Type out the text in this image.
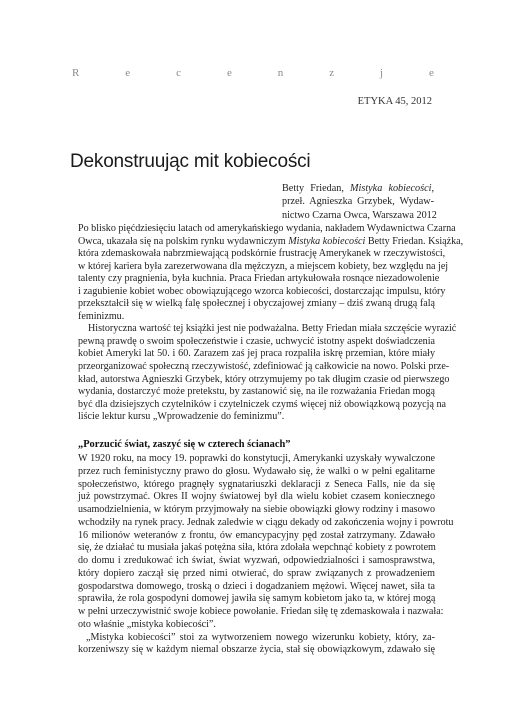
R	e	c	e	n	z	j	e
ETYKA 45, 2012
Dekonstruując mit kobiecości
Betty Friedan, Mistyka kobiecości,
przeł. Agnieszka Grzybek, Wydaw-
nictwo Czarna Owca, Warszawa 2012
Po blisko pięćdziesięciu latach od amerykańskiego wydania, nakładem Wydawnictwa Czarna
Owca, ukazała się na polskim rynku wydawniczym Mistyka kobiecości Betty Friedan. Książka,
która zdemaskowała nabrzmiewającą podskórnie frustrację Amerykanek w rzeczywistości,
w której kariera była zarezerwowana dla mężczyzn, a miejscem kobiety, bez względu na jej
talenty czy pragnienia, była kuchnia. Praca Friedan artykułowała rosnące niezadowolenie
i zagubienie kobiet wobec obowiązującego wzorca kobiecości, dostarczając impulsu, który
przekształcił się w wielką falę społecznej i obyczajowej zmiany – dziś zwaną drugą falą
feminizmu.
Historyczna wartość tej książki jest nie podważalna. Betty Friedan miała szczęście wyrazić
pewną prawdę o swoim społeczeństwie i czasie, uchwycić istotny aspekt doświadczenia
kobiet Ameryki lat 50. i 60. Zarazem zaś jej praca rozpaliła iskrę przemian, które miały
przeorganizować społeczną rzeczywistość, zdefiniować ją całkowicie na nowo. Polski prze-
kład, autorstwa Agnieszki Grzybek, który otrzymujemy po tak długim czasie od pierwszego
wydania, dostarczyć może pretekstu, by zastanowić się, na ile rozważania Friedan mogą
być dla dzisiejszych czytelników i czytelniczek czymś więcej niż obowiązkową pozycją na
liście lektur kursu „Wprowadzenie do feminizmu”.
„Porzucić świat, zaszyć się w czterech ścianach”
W 1920 roku, na mocy 19. poprawki do konstytucji, Amerykanki uzyskały wywalczone
przez ruch feministyczny prawo do głosu. Wydawało się, że walki o w pełni egalitarne
społeczeństwo, którego pragnęły sygnatariuszki deklaracji z Seneca Falls, nie da się
już powstrzymać. Okres II wojny światowej był dla wielu kobiet czasem koniecznego
usamodzielnienia, w którym przyjmowały na siebie obowiązki głowy rodziny i masowo
wchodziły na rynek pracy. Jednak zaledwie w ciągu dekady od zakończenia wojny i powrotu
16 milionów weteranów z frontu, ów emancypacyjny pęd został zatrzymany. Zdawało
się, że działać tu musiała jakaś potężna siła, która zdołała wepchnąć kobiety z powrotem
do domu i zredukować ich świat, świat wyzwań, odpowiedzialności i samosprawstwa,
który dopiero zaczął się przed nimi otwierać, do spraw związanych z prowadzeniem
gospodarstwa domowego, troską o dzieci i dogadzaniem mężowi. Więcej nawet, siła ta
sprawiła, że rola gospodyni domowej jawiła się samym kobietom jako ta, w której mogą
w pełni urzeczywistnić swoje kobiece powołanie. Friedan siłę tę zdemaskowała i nazwała:
oto właśnie „mistyka kobiecości”.
„Mistyka kobiecości” stoi za wytworzeniem nowego wizerunku kobiety, który, za-
korzeniwszy się w każdym niemal obszarze życia, stał się obowiązkowym, zdawało się
